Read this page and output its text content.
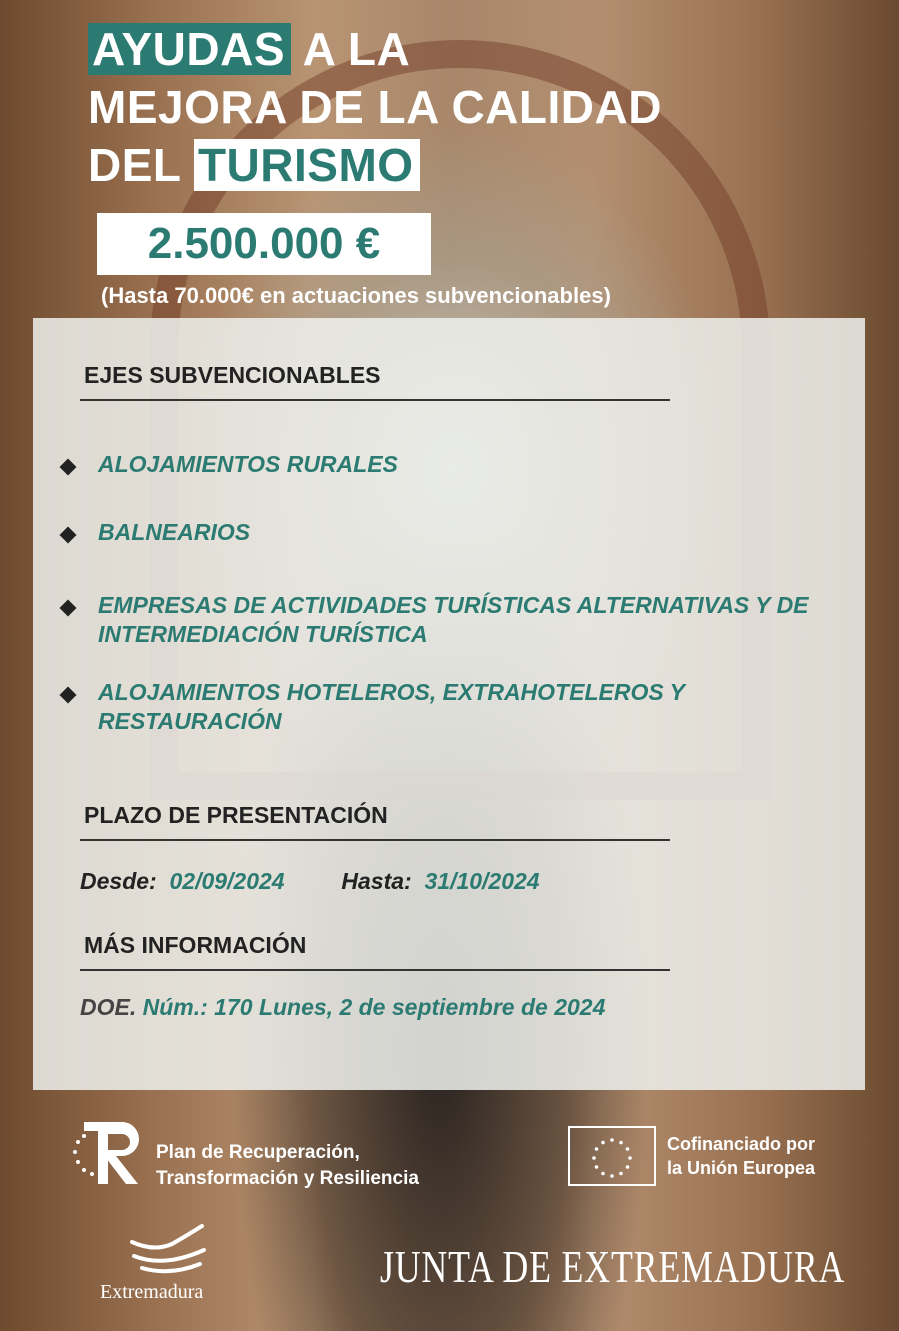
AYUDAS A LA
MEJORA DE LA CALIDAD
DEL TURISMO
2.500.000 €
(Hasta 70.000€ en actuaciones subvencionables)
EJES SUBVENCIONABLES
ALOJAMIENTOS RURALES
BALNEARIOS
EMPRESAS DE ACTIVIDADES TURÍSTICAS ALTERNATIVAS Y DE INTERMEDIACIÓN TURÍSTICA
ALOJAMIENTOS HOTELEROS, EXTRAHOTELEROS Y RESTAURACIÓN
PLAZO DE PRESENTACIÓN
Desde: 02/09/2024 Hasta: 31/10/2024
MÁS INFORMACIÓN
DOE. Núm.: 170 Lunes, 2 de septiembre de 2024
Plan de Recuperación,
Transformación y Resiliencia
Cofinanciado por
la Unión Europea
Extremadura	JUNTA DE EXTREMADURA
